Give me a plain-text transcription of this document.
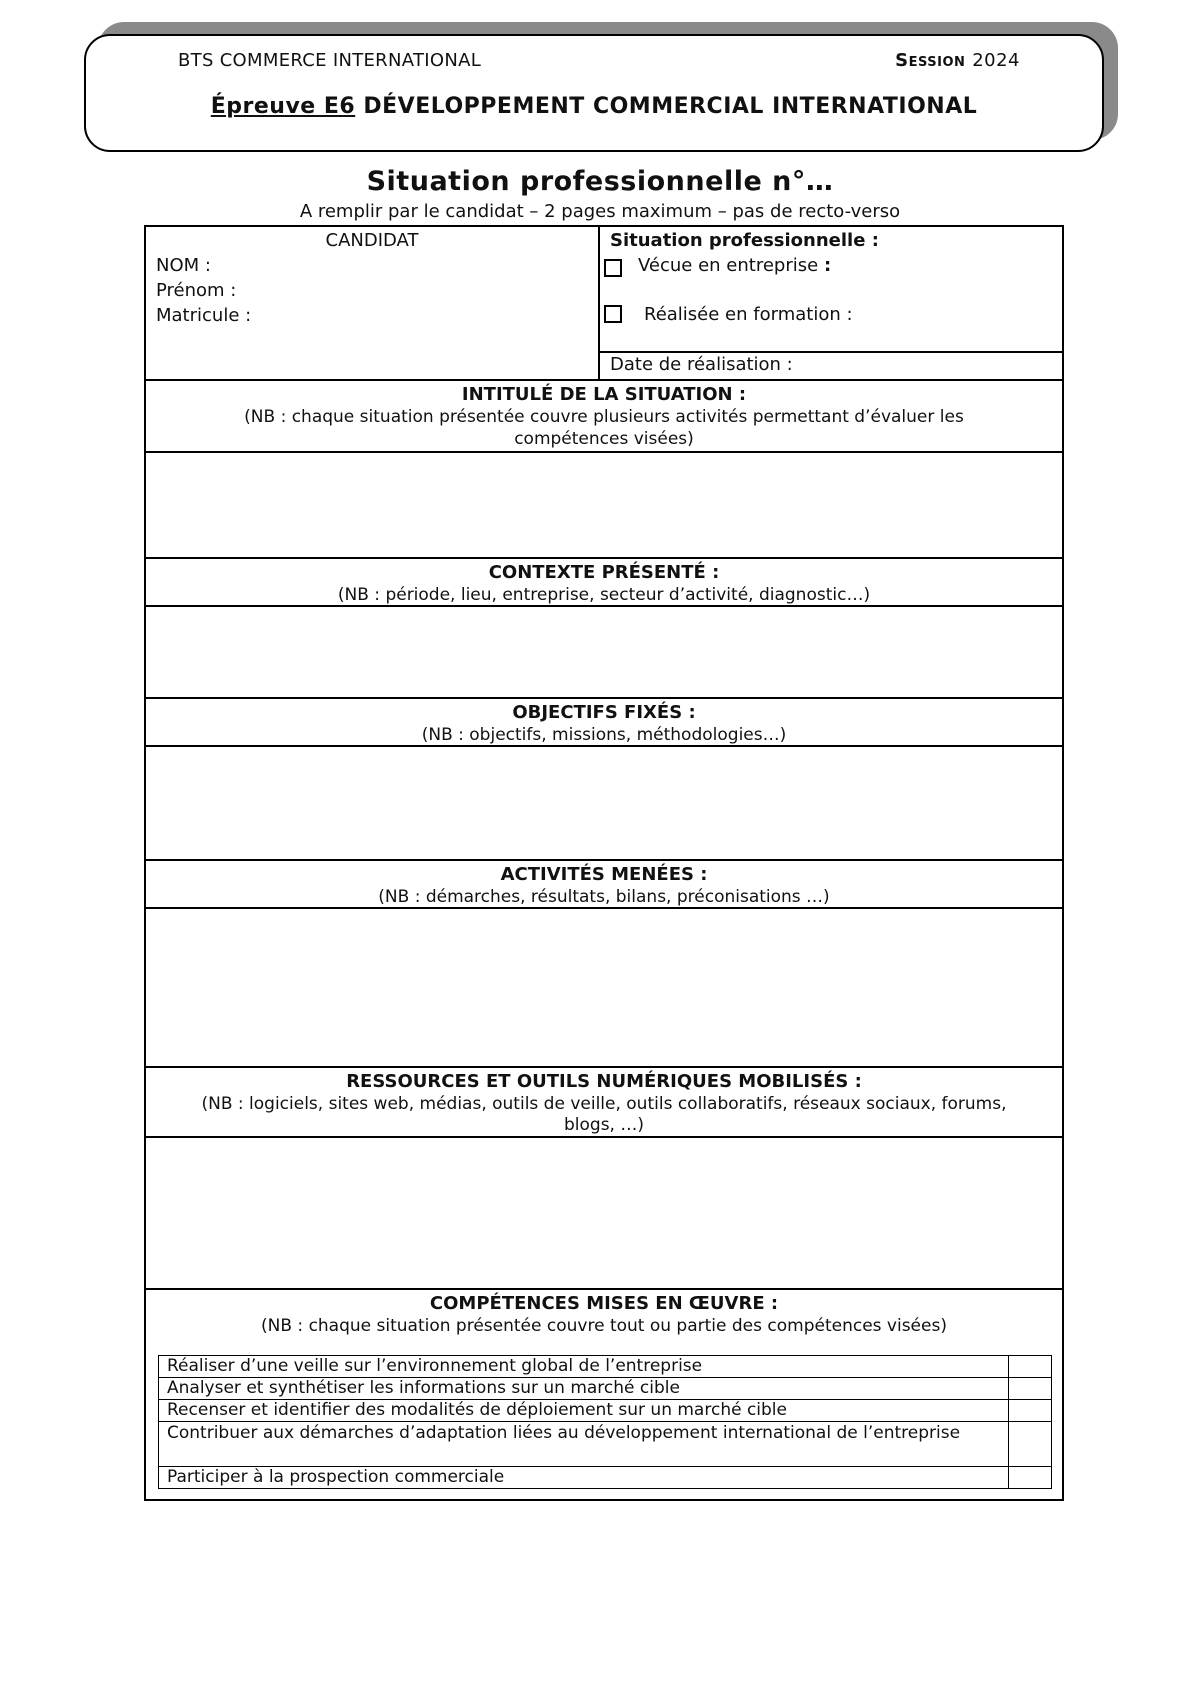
BTS COMMERCE INTERNATIONAL	Session 2024
Épreuve E6 DÉVELOPPEMENT COMMERCIAL INTERNATIONAL
Situation professionnelle n°…
A remplir par le candidat – 2 pages maximum – pas de recto-verso
CANDIDAT
NOM :
Prénom :
Matricule :
Situation professionnelle :
Vécue en entreprise :
Réalisée en formation :
Date de réalisation :
INTITULÉ DE LA SITUATION :
(NB : chaque situation présentée couvre plusieurs activités permettant d’évaluer les
compétences visées)
CONTEXTE PRÉSENTÉ :
(NB : période, lieu, entreprise, secteur d’activité, diagnostic…)
OBJECTIFS FIXÉS :
(NB : objectifs, missions, méthodologies…)
ACTIVITÉS MENÉES :
(NB : démarches, résultats, bilans, préconisations …)
RESSOURCES ET OUTILS NUMÉRIQUES MOBILISÉS :
(NB : logiciels, sites web, médias, outils de veille, outils collaboratifs, réseaux sociaux, forums,
blogs, …)
COMPÉTENCES MISES EN ŒUVRE :
(NB : chaque situation présentée couvre tout ou partie des compétences visées)
Réaliser d’une veille sur l’environnement global de l’entreprise	
Analyser et synthétiser les informations sur un marché cible	
Recenser et identifier des modalités de déploiement sur un marché cible	
Contribuer aux démarches d’adaptation liées au développement international de l’entreprise	
Participer à la prospection commerciale	
